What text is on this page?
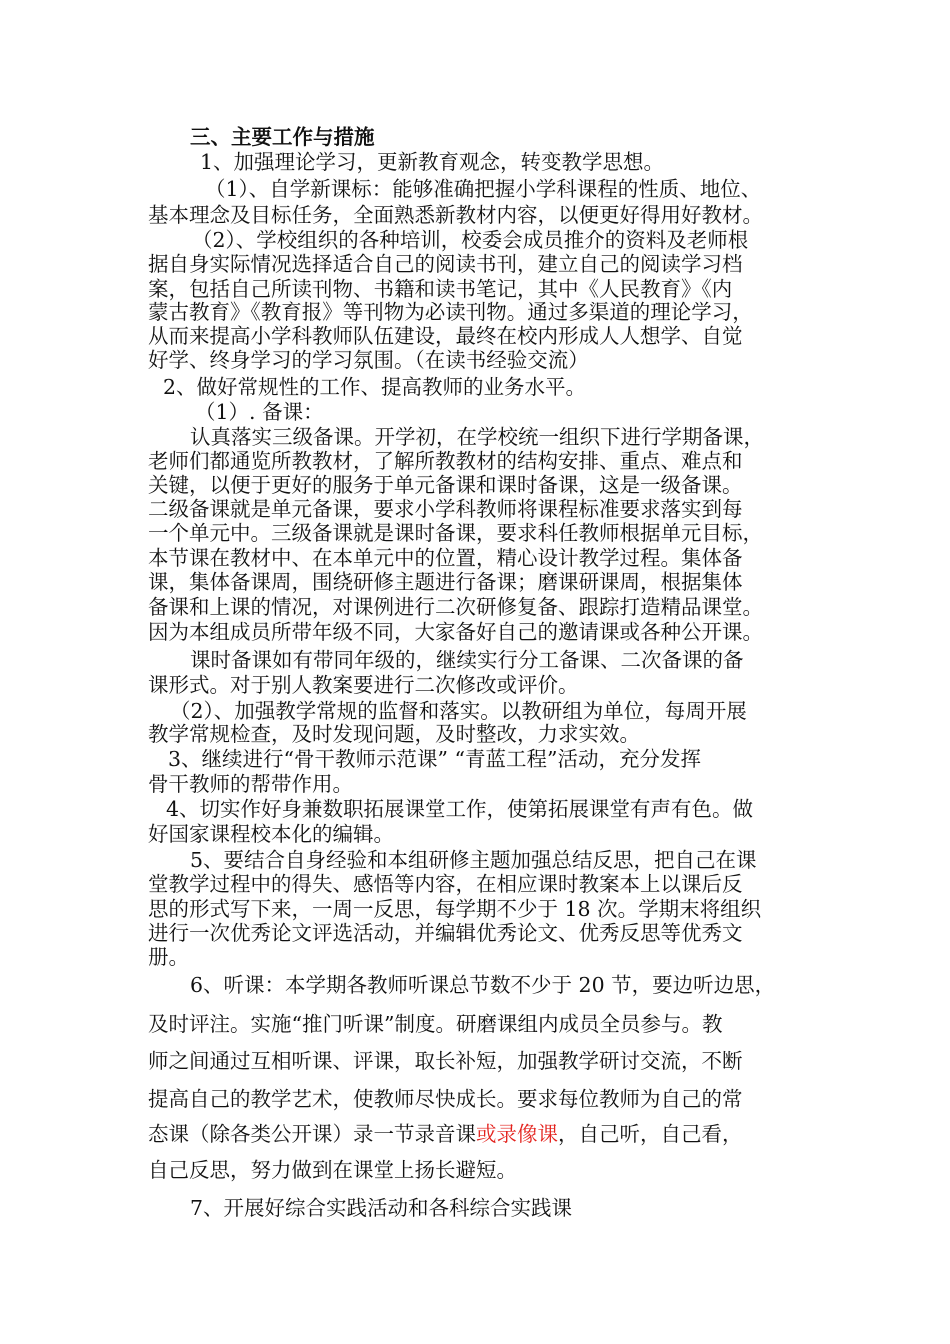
三、主要工作与措施
1、加强理论学习，更新教育观念，转变教学思想。
（1）、自学新课标：能够准确把握小学科课程的性质、地位、
基本理念及目标任务，全面熟悉新教材内容，以便更好得用好教材。
（2）、学校组织的各种培训，校委会成员推介的资料及老师根
据自身实际情况选择适合自己的阅读书刊，建立自己的阅读学习档
案，包括自己所读刊物、书籍和读书笔记，其中《人民教育》《内
蒙古教育》《教育报》等刊物为必读刊物。通过多渠道的理论学习，
从而来提高小学科教师队伍建设，最终在校内形成人人想学、自觉
好学、终身学习的学习氛围。（在读书经验交流）
2、做好常规性的工作、提高教师的业务水平。
（1）. 备课：
认真落实三级备课。开学初，在学校统一组织下进行学期备课，
老师们都通览所教教材，了解所教教材的结构安排、重点、难点和
关键，以便于更好的服务于单元备课和课时备课，这是一级备课。
二级备课就是单元备课，要求小学科教师将课程标准要求落实到每
一个单元中。三级备课就是课时备课，要求科任教师根据单元目标，
本节课在教材中、在本单元中的位置，精心设计教学过程。集体备
课，集体备课周，围绕研修主题进行备课；磨课研课周，根据集体
备课和上课的情况，对课例进行二次研修复备、跟踪打造精品课堂。
因为本组成员所带年级不同，大家备好自己的邀请课或各种公开课。
课时备课如有带同年级的，继续实行分工备课、二次备课的备
课形式。对于别人教案要进行二次修改或评价。
（2）、加强教学常规的监督和落实。以教研组为单位，每周开展
教学常规检查，及时发现问题，及时整改，力求实效。
3、继续进行“骨干教师示范课” “青蓝工程”活动，充分发挥
骨干教师的帮带作用。
4、切实作好身兼数职拓展课堂工作，使第拓展课堂有声有色。做
好国家课程校本化的编辑。
5、要结合自身经验和本组研修主题加强总结反思，把自己在课
堂教学过程中的得失、感悟等内容，在相应课时教案本上以课后反
思的形式写下来，一周一反思，每学期不少于 18 次。学期末将组织
进行一次优秀论文评选活动，并编辑优秀论文、优秀反思等优秀文
册。
6、听课：本学期各教师听课总节数不少于 20 节，要边听边思，
及时评注。实施“推门听课”制度。研磨课组内成员全员参与。教
师之间通过互相听课、评课，取长补短，加强教学研讨交流，不断
提高自己的教学艺术，使教师尽快成长。要求每位教师为自己的常
态课（除各类公开课）录一节录音课或录像课，自己听，自己看，
自己反思，努力做到在课堂上扬长避短。
7、开展好综合实践活动和各科综合实践课
